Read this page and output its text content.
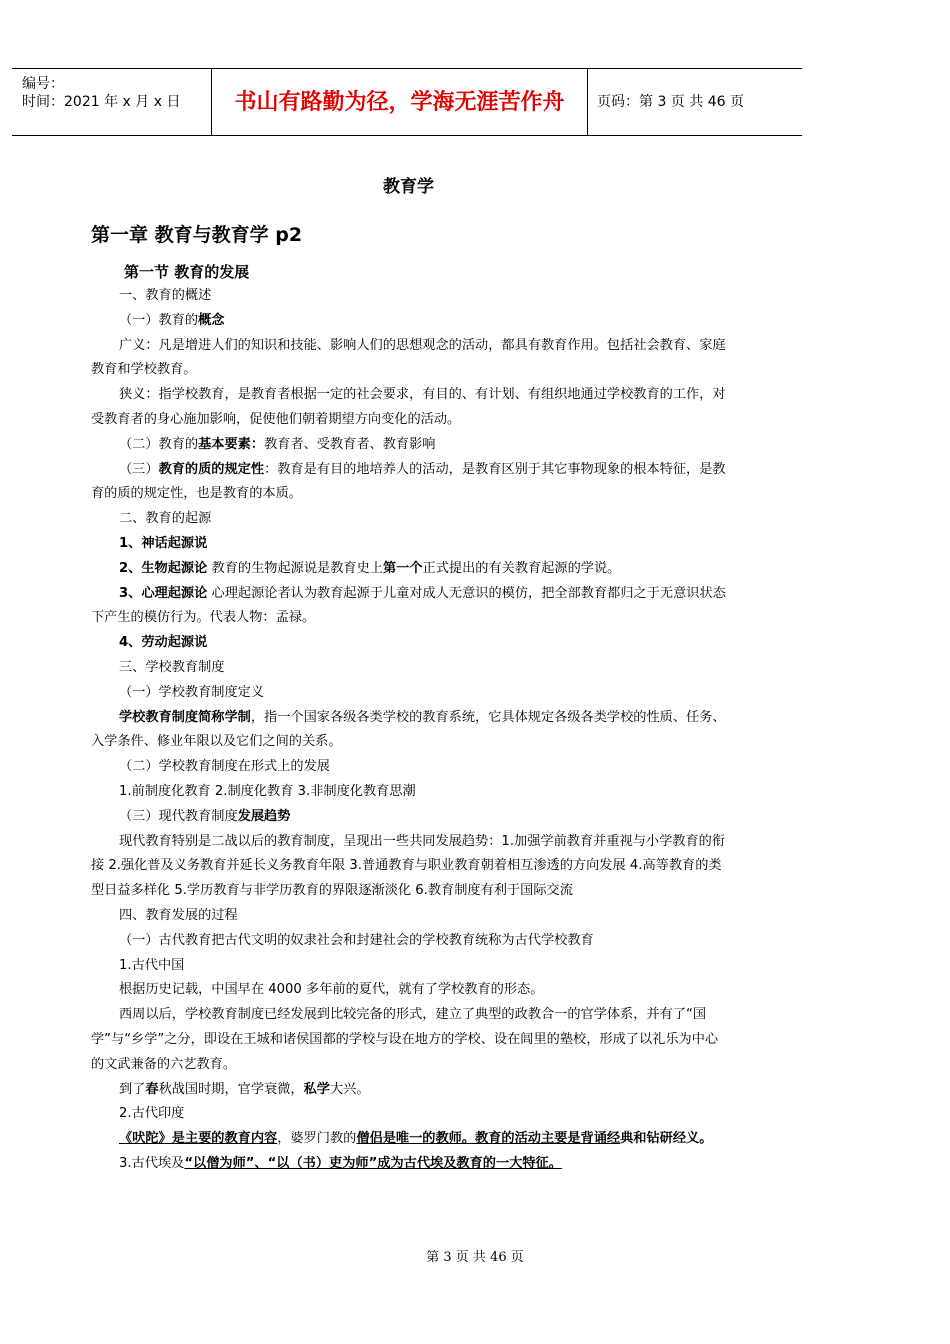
编号：
时间：2021 年 x 月 x 日	书山有路勤为径，学海无涯苦作舟	页码：第 3 页 共 46 页
教育学
第一章 教育与教育学 p2
第一节 教育的发展

一、教育的概述

（一）教育的概念

广义：凡是增进人们的知识和技能、影响人们的思想观念的活动，都具有教育作用。包括社会教育、家庭教育和学校教育。

狭义：指学校教育，是教育者根据一定的社会要求，有目的、有计划、有组织地通过学校教育的工作，对受教育者的身心施加影响，促使他们朝着期望方向变化的活动。

（二）教育的基本要素：教育者、受教育者、教育影响

（三）教育的质的规定性：教育是有目的地培养人的活动，是教育区别于其它事物现象的根本特征，是教育的质的规定性，也是教育的本质。

二、教育的起源

1、神话起源说

2、生物起源论 教育的生物起源说是教育史上第一个正式提出的有关教育起源的学说。

3、心理起源论 心理起源论者认为教育起源于儿童对成人无意识的模仿，把全部教育都归之于无意识状态下产生的模仿行为。代表人物：孟禄。

4、劳动起源说

三、学校教育制度

（一）学校教育制度定义

学校教育制度简称学制，指一个国家各级各类学校的教育系统，它具体规定各级各类学校的性质、任务、入学条件、修业年限以及它们之间的关系。

（二）学校教育制度在形式上的发展

1.前制度化教育 2.制度化教育 3.非制度化教育思潮

（三）现代教育制度发展趋势

现代教育特别是二战以后的教育制度，呈现出一些共同发展趋势：1.加强学前教育并重视与小学教育的衔接 2.强化普及义务教育并延长义务教育年限 3.普通教育与职业教育朝着相互渗透的方向发展 4.高等教育的类型日益多样化 5.学历教育与非学历教育的界限逐渐淡化 6.教育制度有利于国际交流

四、教育发展的过程

（一）古代教育把古代文明的奴隶社会和封建社会的学校教育统称为古代学校教育

1.古代中国

根据历史记载，中国早在 4000 多年前的夏代，就有了学校教育的形态。

西周以后，学校教育制度已经发展到比较完备的形式，建立了典型的政教合一的官学体系，并有了“国学”与“乡学”之分，即设在王城和诸侯国都的学校与设在地方的学校、设在闾里的塾校，形成了以礼乐为中心的文武兼备的六艺教育。

到了春秋战国时期，官学衰微，私学大兴。

2.古代印度

《吠陀》是主要的教育内容，婆罗门教的僧侣是唯一的教师。教育的活动主要是背诵经典和钻研经义。

3.古代埃及“以僧为师”、“以（书）吏为师”成为古代埃及教育的一大特征。

第 3 页 共 46 页
